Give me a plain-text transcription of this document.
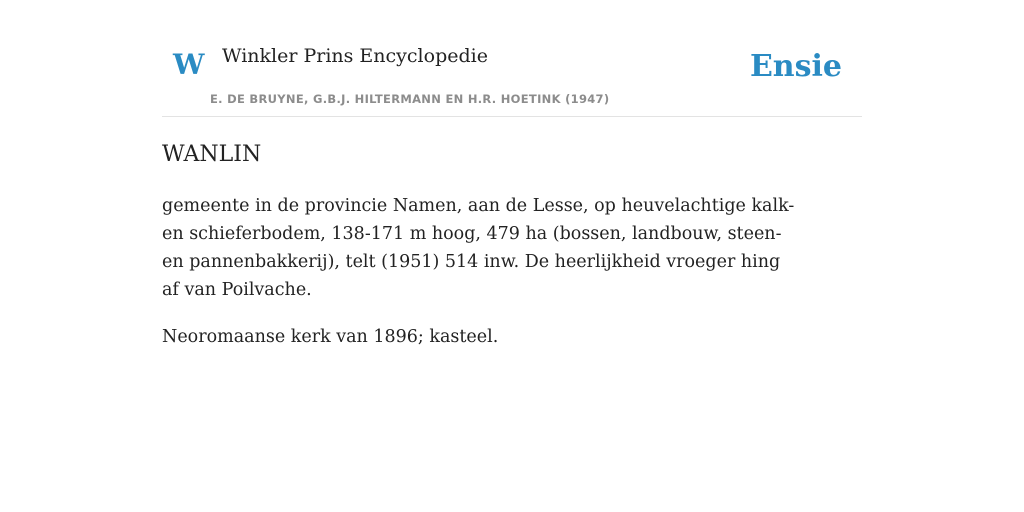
W Winkler Prins Encyclopedie
E. DE BRUYNE, G.B.J. HILTERMANN EN H.R. HOETINK (1947)
Ensie
WANLIN

gemeente in de provincie Namen, aan de Lesse, op heuvelachtige kalk- en schieferbodem, 138-171 m hoog, 479 ha (bossen, landbouw, steen-en pannenbakkerij), telt (1951) 514 inw. De heerlijkheid vroeger hing af van Poilvache.

Neoromaanse kerk van 1896; kasteel.
